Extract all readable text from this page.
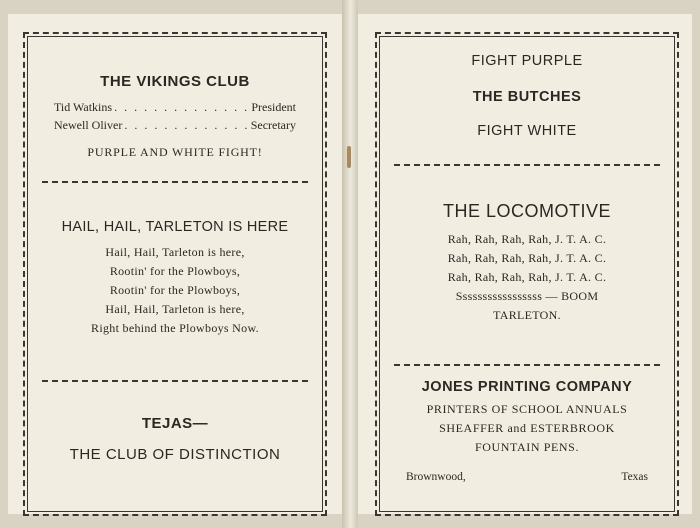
THE VIKINGS CLUB
Tid Watkins . . .	President
Newell Oliver . . .	Secretary
PURPLE AND WHITE FIGHT!
HAIL, HAIL, TARLETON IS HERE
Hail, Hail, Tarleton is here,
Rootin' for the Plowboys,
Rootin' for the Plowboys,
Hail, Hail, Tarleton is here,
Right behind the Plowboys Now.
TEJAS—
THE CLUB OF DISTINCTION
FIGHT PURPLE
THE BUTCHES
FIGHT WHITE
THE LOCOMOTIVE
Rah, Rah, Rah, Rah, J. T. A. C.
Rah, Rah, Rah, Rah, J. T. A. C.
Rah, Rah, Rah, Rah, J. T. A. C.
Sssssssssssssssss — BOOM
TARLETON.
JONES PRINTING COMPANY
PRINTERS OF SCHOOL ANNUALS
SHEAFFER and ESTERBROOK
FOUNTAIN PENS.
Brownwood,	Texas
